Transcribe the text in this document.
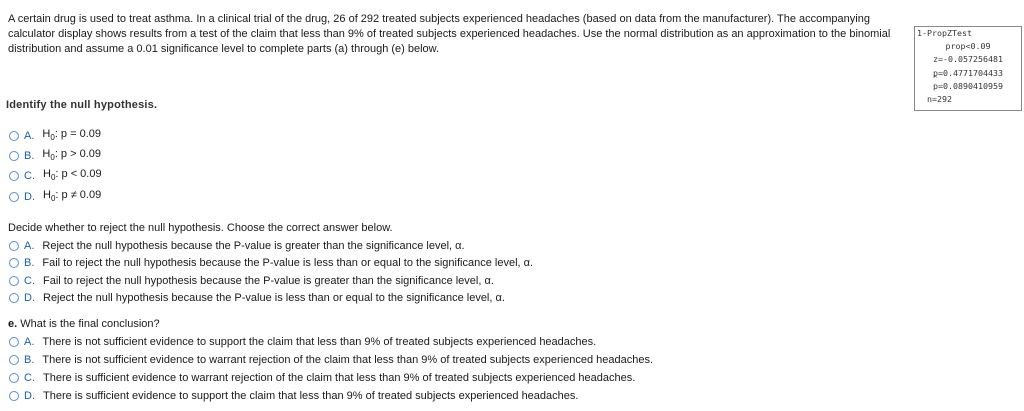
A certain drug is used to treat asthma. In a clinical trial of the drug, 26 of 292 treated subjects experienced headaches (based on data from the manufacturer). The accompanying calculator display shows results from a test of the claim that less than 9% of treated subjects experienced headaches. Use the normal distribution as an approximation to the binomial distribution and assume a 0.01 significance level to complete parts (a) through (e) below.

1-PropZTest
prop<0.09
z=-0.057256481
p=0.4771704433
^ p=0.0890410959
n=292
Identify the null hypothesis.
A. $H_0$: p = 0.09
B. $H_0$: p > 0.09
C. $H_0$: p < 0.09
D. $H_0$: p ≠ 0.09
Decide whether to reject the null hypothesis. Choose the correct answer below.
A. Reject the null hypothesis because the P-value is greater than the significance level, α.
B. Fail to reject the null hypothesis because the P-value is less than or equal to the significance level, α.
C. Fail to reject the null hypothesis because the P-value is greater than the significance level, α.
D. Reject the null hypothesis because the P-value is less than or equal to the significance level, α.
e. What is the final conclusion?
A. There is not sufficient evidence to support the claim that less than 9% of treated subjects experienced headaches.
B. There is not sufficient evidence to warrant rejection of the claim that less than 9% of treated subjects experienced headaches.
C. There is sufficient evidence to warrant rejection of the claim that less than 9% of treated subjects experienced headaches.
D. There is sufficient evidence to support the claim that less than 9% of treated subjects experienced headaches.
